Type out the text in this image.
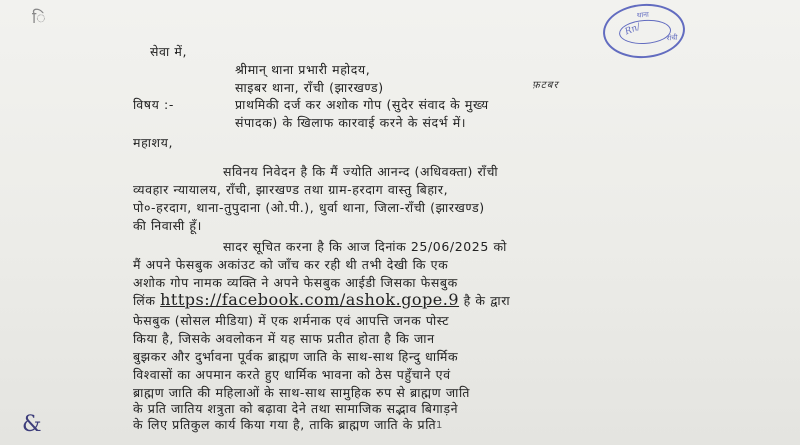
ि	थाना
Rn/
रांची
सेवा में,
श्रीमान् थाना प्रभारी महोदय,
साइबर थाना, राँची (झारखण्ड)
विषय :-
फ़टबर
प्राथमिकी दर्ज कर अशोक गोप (सुदेर संवाद के मुख्य
संपादक) के खिलाफ कारवाई करने के संदर्भ में।
महाशय,
सविनय निवेदन है कि मैं ज्योति आनन्द (अधिवक्ता) राँची
व्यवहार न्यायालय, राँची, झारखण्ड तथा ग्राम-हरदाग वास्तु बिहार,
पो०-हरदाग, थाना-तुपुदाना (ओ.पी.), धुर्वा थाना, जिला-राँची (झारखण्ड)
की निवासी हूँ।
सादर सूचित करना है कि आज दिनांक 25/06/2025 को
मैं अपने फेसबुक अकांउट को जाँच कर रही थी तभी देखी कि एक
अशोक गोप नामक व्यक्ति ने अपने फेसबुक आईडी जिसका फेसबुक
लिंक https://facebook.com/ashok.gope.9 है के द्वारा
फेसबुक (सोसल मीडिया) में एक शर्मनाक एवं आपत्ति जनक पोस्ट
किया है, जिसके अवलोकन में यह साफ प्रतीत होता है कि जान
बुझकर और दुर्भावना पूर्वक ब्राह्मण जाति के साथ-साथ हिन्दु धार्मिक
विश्वासों का अपमान करते हुए धार्मिक भावना को ठेस पहुँचाने एवं
ब्राह्मण जाति की महिलाओं के साथ-साथ सामुहिक रुप से ब्राह्मण जाति
के प्रति जातिय शत्रुता को बढ़ावा देने तथा सामाजिक सद्भाव बिगाड़ने
के लिए प्रतिकुल कार्य किया गया है, ताकि ब्राह्मण जाति के प्रति 1
&
